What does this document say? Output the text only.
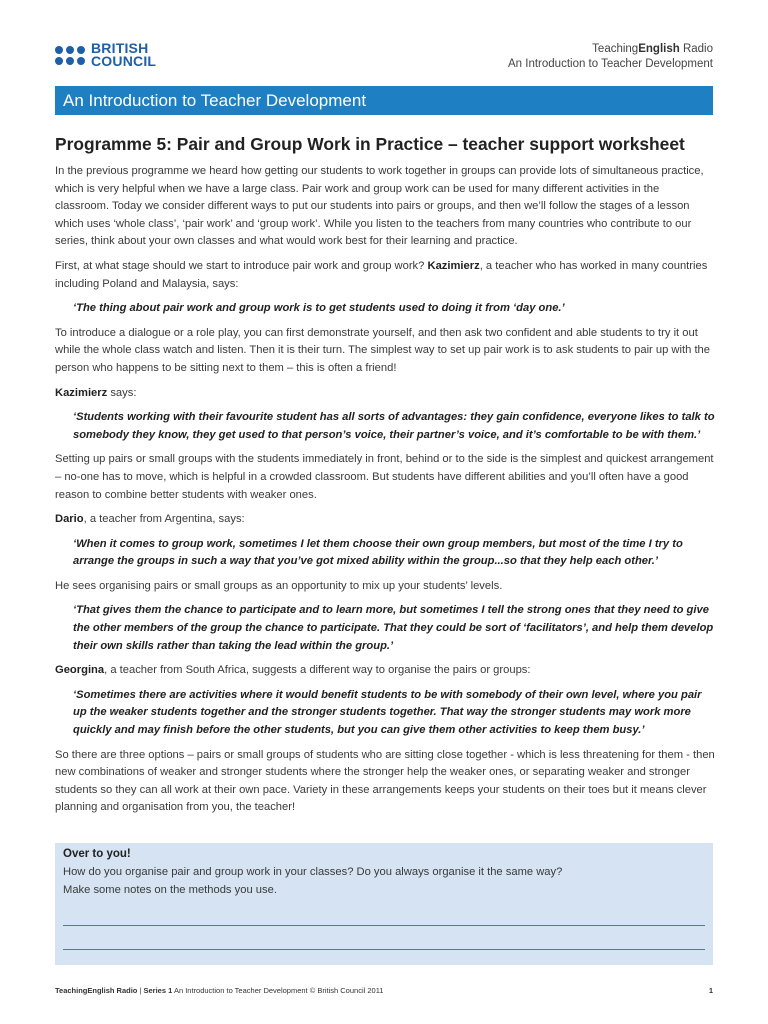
BRITISH
COUNCIL
TeachingEnglish Radio
An Introduction to Teacher Development
An Introduction to Teacher Development
Programme 5: Pair and Group Work in Practice – teacher support worksheet

In the previous programme we heard how getting our students to work together in groups can provide lots of simultaneous practice, which is very helpful when we have a large class. Pair work and group work can be used for many different activities in the classroom. Today we consider different ways to put our students into pairs or groups, and then we’ll follow the stages of a lesson which uses ‘whole class’, ‘pair work’ and ‘group work’. While you listen to the teachers from many countries who contribute to our series, think about your own classes and what would work best for their learning and practice.

First, at what stage should we start to introduce pair work and group work? Kazimierz, a teacher who has worked in many countries including Poland and Malaysia, says:

‘The thing about pair work and group work is to get students used to doing it from ‘day one.’

To introduce a dialogue or a role play, you can first demonstrate yourself, and then ask two confident and able students to try it out while the whole class watch and listen. Then it is their turn. The simplest way to set up pair work is to ask students to pair up with the person who happens to be sitting next to them – this is often a friend!

Kazimierz says:

‘Students working with their favourite student has all sorts of advantages: they gain confidence, everyone likes to talk to somebody they know, they get used to that person’s voice, their partner’s voice, and it’s comfortable to be with them.’

Setting up pairs or small groups with the students immediately in front, behind or to the side is the simplest and quickest arrangement – no-one has to move, which is helpful in a crowded classroom. But students have different abilities and you’ll often have a good reason to combine better students with weaker ones.

Dario, a teacher from Argentina, says:

‘When it comes to group work, sometimes I let them choose their own group members, but most of the time I try to arrange the groups in such a way that you’ve got mixed ability within the group...so that they help each other.’

He sees organising pairs or small groups as an opportunity to mix up your students’ levels.

‘That gives them the chance to participate and to learn more, but sometimes I tell the strong ones that they need to give the other members of the group the chance to participate. That they could be sort of ‘facilitators’, and help them develop their own skills rather than taking the lead within the group.’

Georgina, a teacher from South Africa, suggests a different way to organise the pairs or groups:

‘Sometimes there are activities where it would benefit students to be with somebody of their own level, where you pair up the weaker students together and the stronger students together. That way the stronger students may work more quickly and may finish before the other students, but you can give them other activities to keep them busy.’

So there are three options – pairs or small groups of students who are sitting close together - which is less threatening for them - then new combinations of weaker and stronger students where the stronger help the weaker ones, or separating weaker and stronger students so they can all work at their own pace. Variety in these arrangements keeps your students on their toes but it means clever planning and organisation from you, the teacher!

Over to you!
How do you organise pair and group work in your classes? Do you always organise it the same way?
Make some notes on the methods you use.
TeachingEnglish Radio | Series 1 An Introduction to Teacher Development © British Council 2011	1
